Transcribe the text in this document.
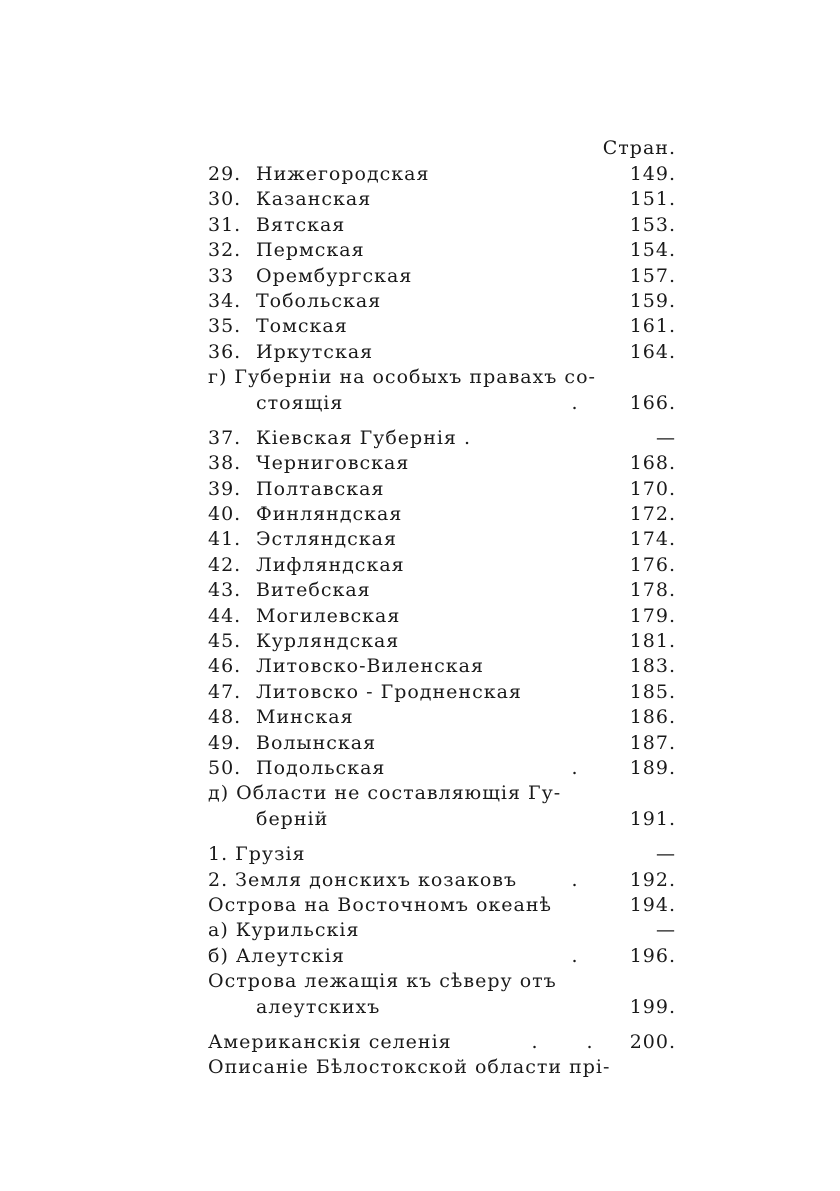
Стран.
29. Нижегородская	149.
30. Казанская	151.
31. Вятская	153.
32. Пермская	154.
33	Орембургская	157.
34. Тобольская	159.
35. Томская	161.
36. Иркутская	164.
г) Губерніи на особыхъ правахъ со-
стоящія	.	166.
37. Кіевская Губернія .	—
38. Черниговская	168.
39. Полтавская	170.
40. Финляндская	172.
41. Эстляндская	174.
42. Лифляндская	176.
43. Витебская	178.
44. Могилевская	179.
45. Курляндская	181.
46. Литовско-Виленская	183.
47. Литовско - Гродненская	185.
48. Минская	186.
49. Волынская	187.
50. Подольская	.	189.
д) Области не составляющія Гу-
берній	191.
1. Грузія	—
2. Земля донскихъ козаковъ	.	192.
Острова на Восточномъ океанѣ	194.
а) Курильскія	—
б) Алеутскія	.	196.
Острова лежащія къ сѣверу отъ
алеутскихъ	199.
Американскія селенія	.	.	200.
Описаніе Бѣлостокской области прі-
